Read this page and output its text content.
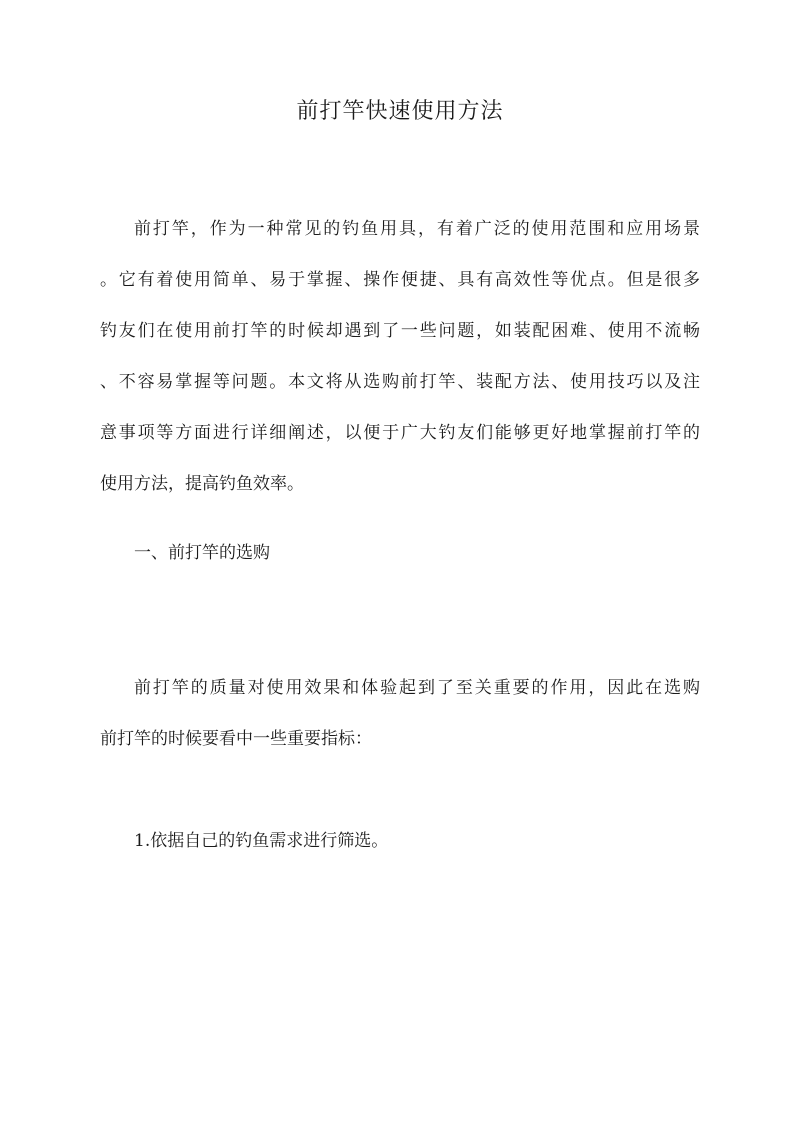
前打竿快速使用方法
前打竿，作为一种常见的钓鱼用具，有着广泛的使用范围和应用场景
。它有着使用简单、易于掌握、操作便捷、具有高效性等优点。但是很多
钓友们在使用前打竿的时候却遇到了一些问题，如装配困难、使用不流畅
、不容易掌握等问题。本文将从选购前打竿、装配方法、使用技巧以及注
意事项等方面进行详细阐述，以便于广大钓友们能够更好地掌握前打竿的
使用方法，提高钓鱼效率。
一、前打竿的选购
前打竿的质量对使用效果和体验起到了至关重要的作用，因此在选购
前打竿的时候要看中一些重要指标：
1.依据自己的钓鱼需求进行筛选。
